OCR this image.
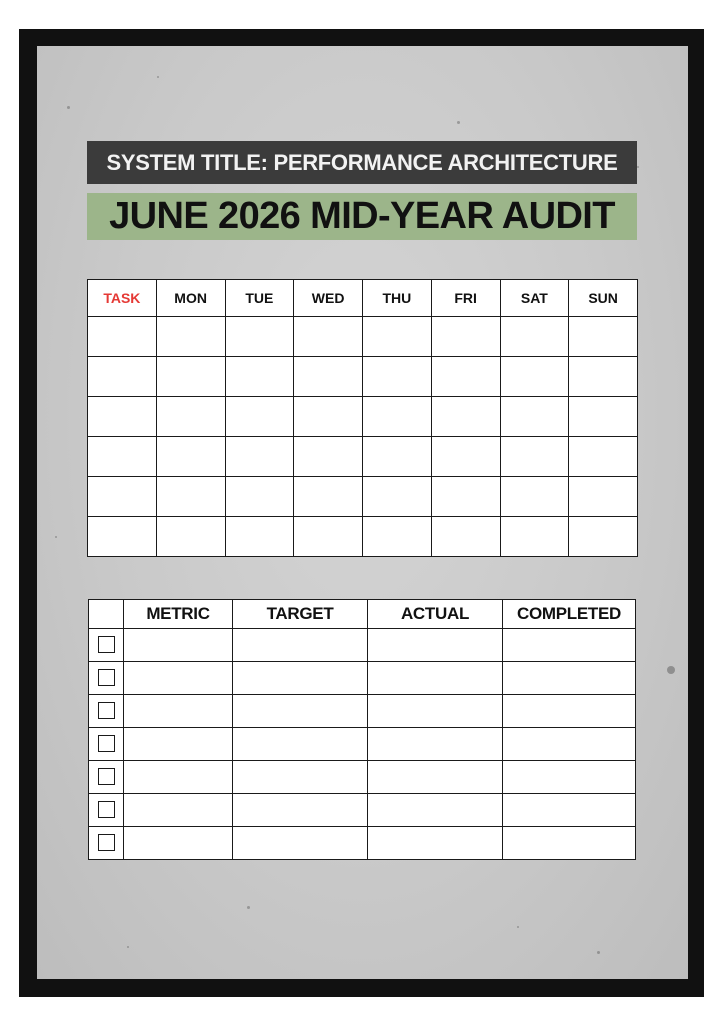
SYSTEM TITLE: PERFORMANCE ARCHITECTURE
JUNE 2026 MID-YEAR AUDIT
TASK	MON	TUE	WED	THU	FRI	SAT	SUN

	METRIC	TARGET	ACTUAL	COMPLETED
